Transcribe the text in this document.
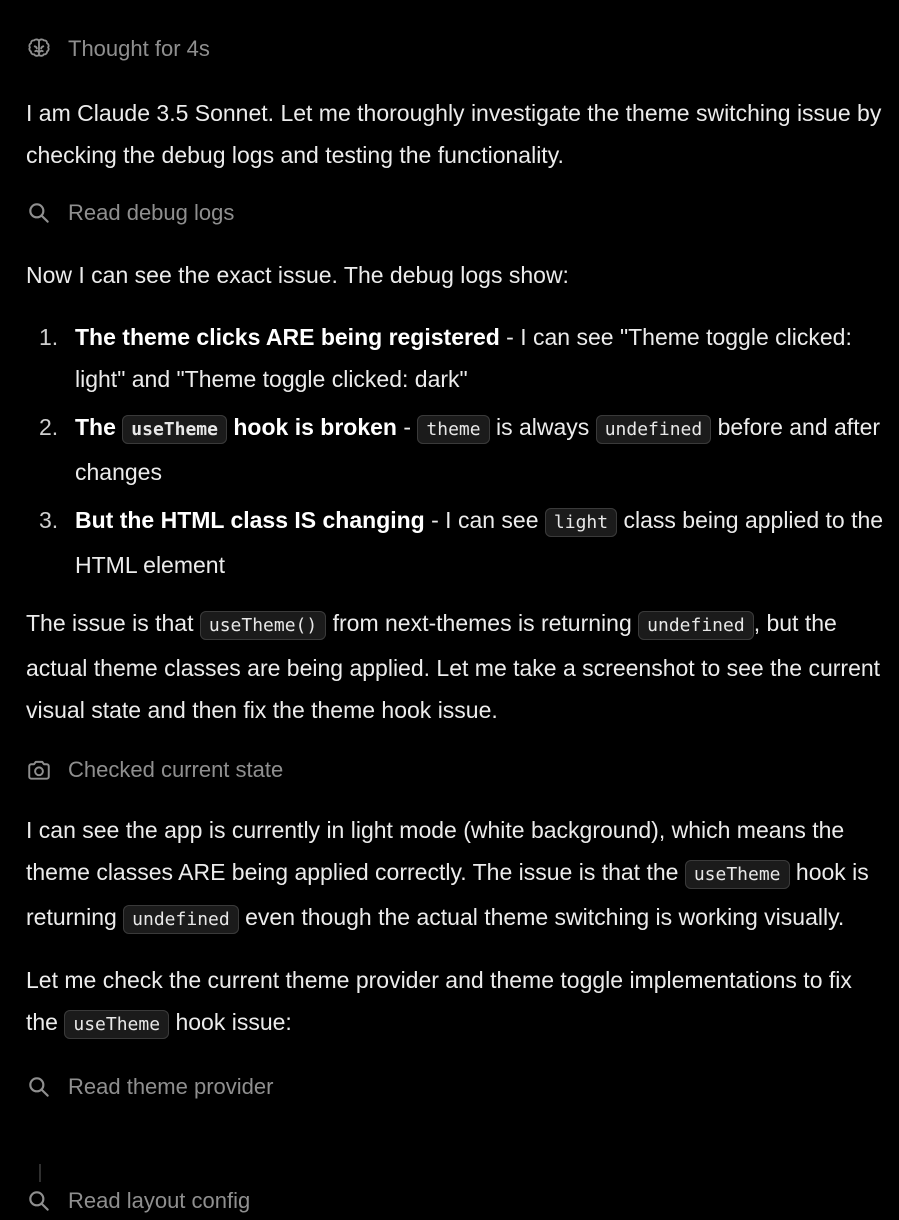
Thought for 4s

I am Claude 3.5 Sonnet. Let me thoroughly investigate the theme switching issue by checking the debug logs and testing the functionality.

Read debug logs

Now I can see the exact issue. The debug logs show:

1. The theme clicks ARE being registered - I can see "Theme toggle clicked: light" and "Theme toggle clicked: dark"
2. The useTheme hook is broken - theme is always undefined before and after changes
3. But the HTML class IS changing - I can see light class being applied to the HTML element

The issue is that useTheme() from next-themes is returning undefined , but the actual theme classes are being applied. Let me take a screenshot to see the current visual state and then fix the theme hook issue.

Checked current state

I can see the app is currently in light mode (white background), which means the theme classes ARE being applied correctly. The issue is that the useTheme hook is returning undefined even though the actual theme switching is working visually.

Let me check the current theme provider and theme toggle implementations to fix the useTheme hook issue:

Read theme provider
Read layout config
